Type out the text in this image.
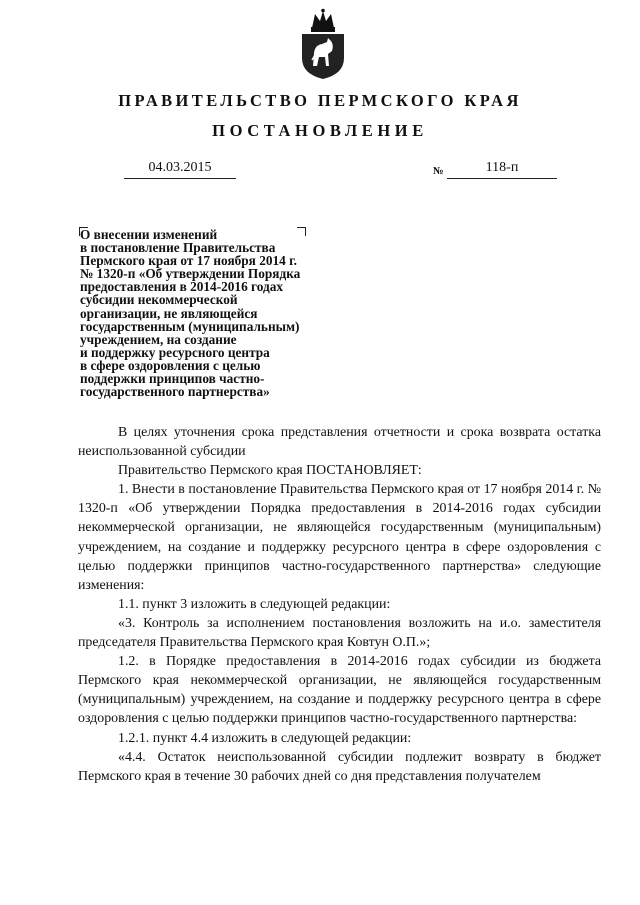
ПРАВИТЕЛЬСТВО ПЕРМСКОГО КРАЯ
ПОСТАНОВЛЕНИЕ
04.03.2015	№	118-п
О внесении изменений
в постановление Правительства
Пермского края от 17 ноября 2014 г.
№ 1320-п «Об утверждении Порядка
предоставления в 2014-2016 годах
субсидии некоммерческой
организации, не являющейся
государственным (муниципальным)
учреждением, на создание
и поддержку ресурсного центра
в сфере оздоровления с целью
поддержки принципов частно-
государственного партнерства»

В целях уточнения срока представления отчетности и срока возврата остатка неиспользованной субсидии

Правительство Пермского края ПОСТАНОВЛЯЕТ:

1. Внести в постановление Правительства Пермского края от 17 ноября 2014 г. № 1320-п «Об утверждении Порядка предоставления в 2014-2016 годах субсидии некоммерческой организации, не являющейся государственным (муниципальным) учреждением, на создание и поддержку ресурсного центра в сфере оздоровления с целью поддержки принципов частно-государственного партнерства» следующие изменения:

1.1. пункт 3 изложить в следующей редакции:

«3. Контроль за исполнением постановления возложить на и.о. заместителя председателя Правительства Пермского края Ковтун О.П.»;

1.2. в Порядке предоставления в 2014-2016 годах субсидии из бюджета Пермского края некоммерческой организации, не являющейся государственным (муниципальным) учреждением, на создание и поддержку ресурсного центра в сфере оздоровления с целью поддержки принципов частно-государственного партнерства:

1.2.1. пункт 4.4 изложить в следующей редакции:

«4.4. Остаток неиспользованной субсидии подлежит возврату в бюджет Пермского края в течение 30 рабочих дней со дня представления получателем
